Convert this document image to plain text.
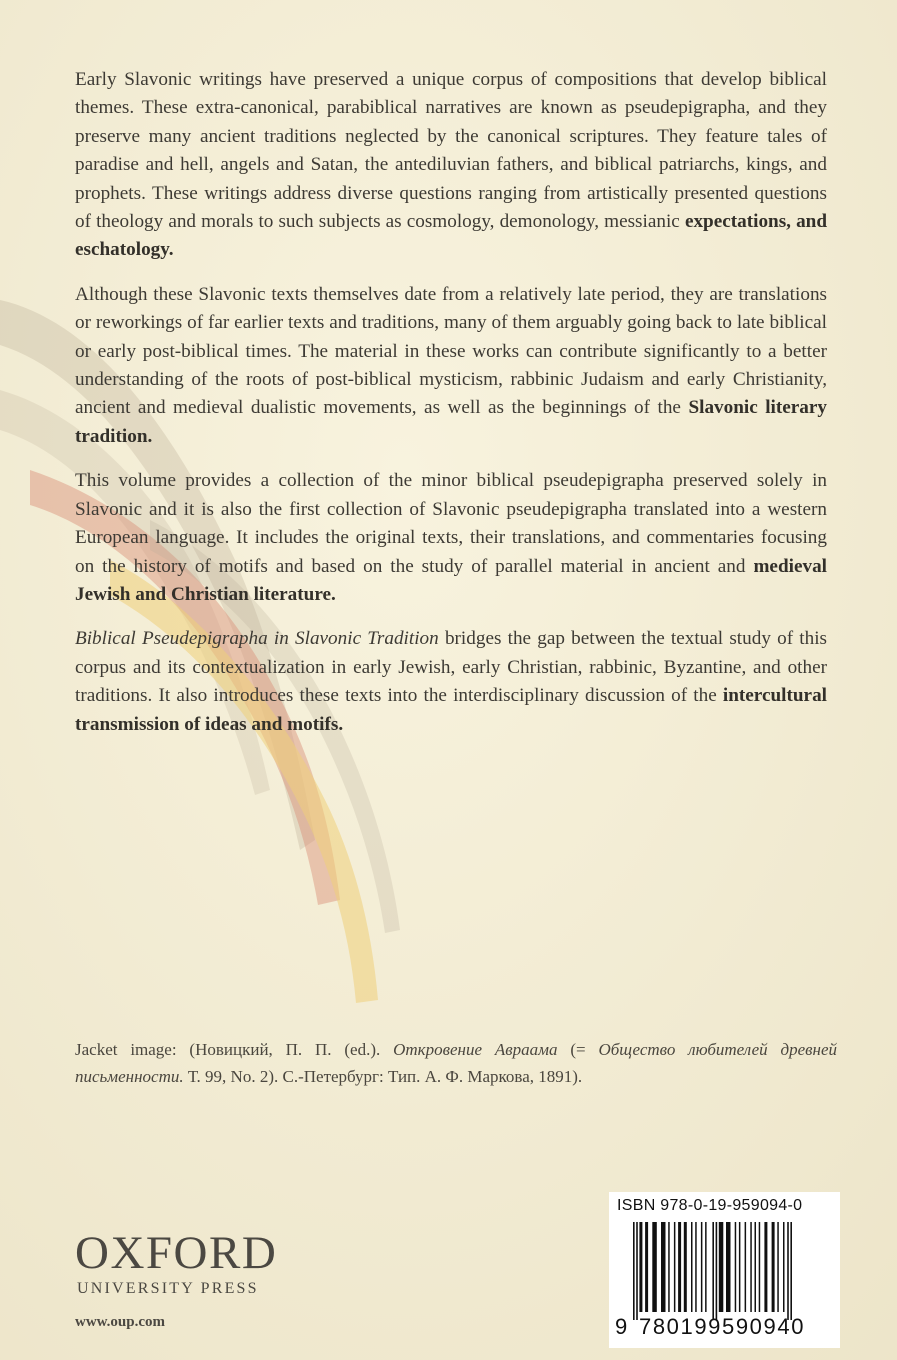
Early Slavonic writings have preserved a unique corpus of compositions that develop biblical themes. These extra-canonical, parabiblical narratives are known as pseudepigrapha, and they preserve many ancient traditions neglected by the canonical scriptures. They feature tales of paradise and hell, angels and Satan, the antediluvian fathers, and biblical patriarchs, kings, and prophets. These writings address diverse questions ranging from artistically presented questions of theology and morals to such subjects as cosmology, demonology, messianic expectations, and eschatology.

Although these Slavonic texts themselves date from a relatively late period, they are translations or reworkings of far earlier texts and traditions, many of them arguably going back to late biblical or early post-biblical times. The material in these works can contribute significantly to a better understanding of the roots of post-biblical mysticism, rabbinic Judaism and early Christianity, ancient and medieval dualistic movements, as well as the beginnings of the Slavonic literary tradition.

This volume provides a collection of the minor biblical pseudepigrapha preserved solely in Slavonic and it is also the first collection of Slavonic pseudepigrapha translated into a western European language. It includes the original texts, their translations, and commentaries focusing on the history of motifs and based on the study of parallel material in ancient and medieval Jewish and Christian literature.

Biblical Pseudepigrapha in Slavonic Tradition bridges the gap between the textual study of this corpus and its contextualization in early Jewish, early Christian, rabbinic, Byzantine, and other traditions. It also introduces these texts into the interdisciplinary discussion of the intercultural transmission of ideas and motifs.

Jacket image: (Новицкий, П. П. (ed.). Откровение Авраама (= Общество любителей древней письменности. Т. 99, No. 2). С.-Петербург: Тип. А. Ф. Маркова, 1891).
OXFORD
UNIVERSITY PRESS
www.oup.com
ISBN 978-0-19-959094-0
9 780199590940
